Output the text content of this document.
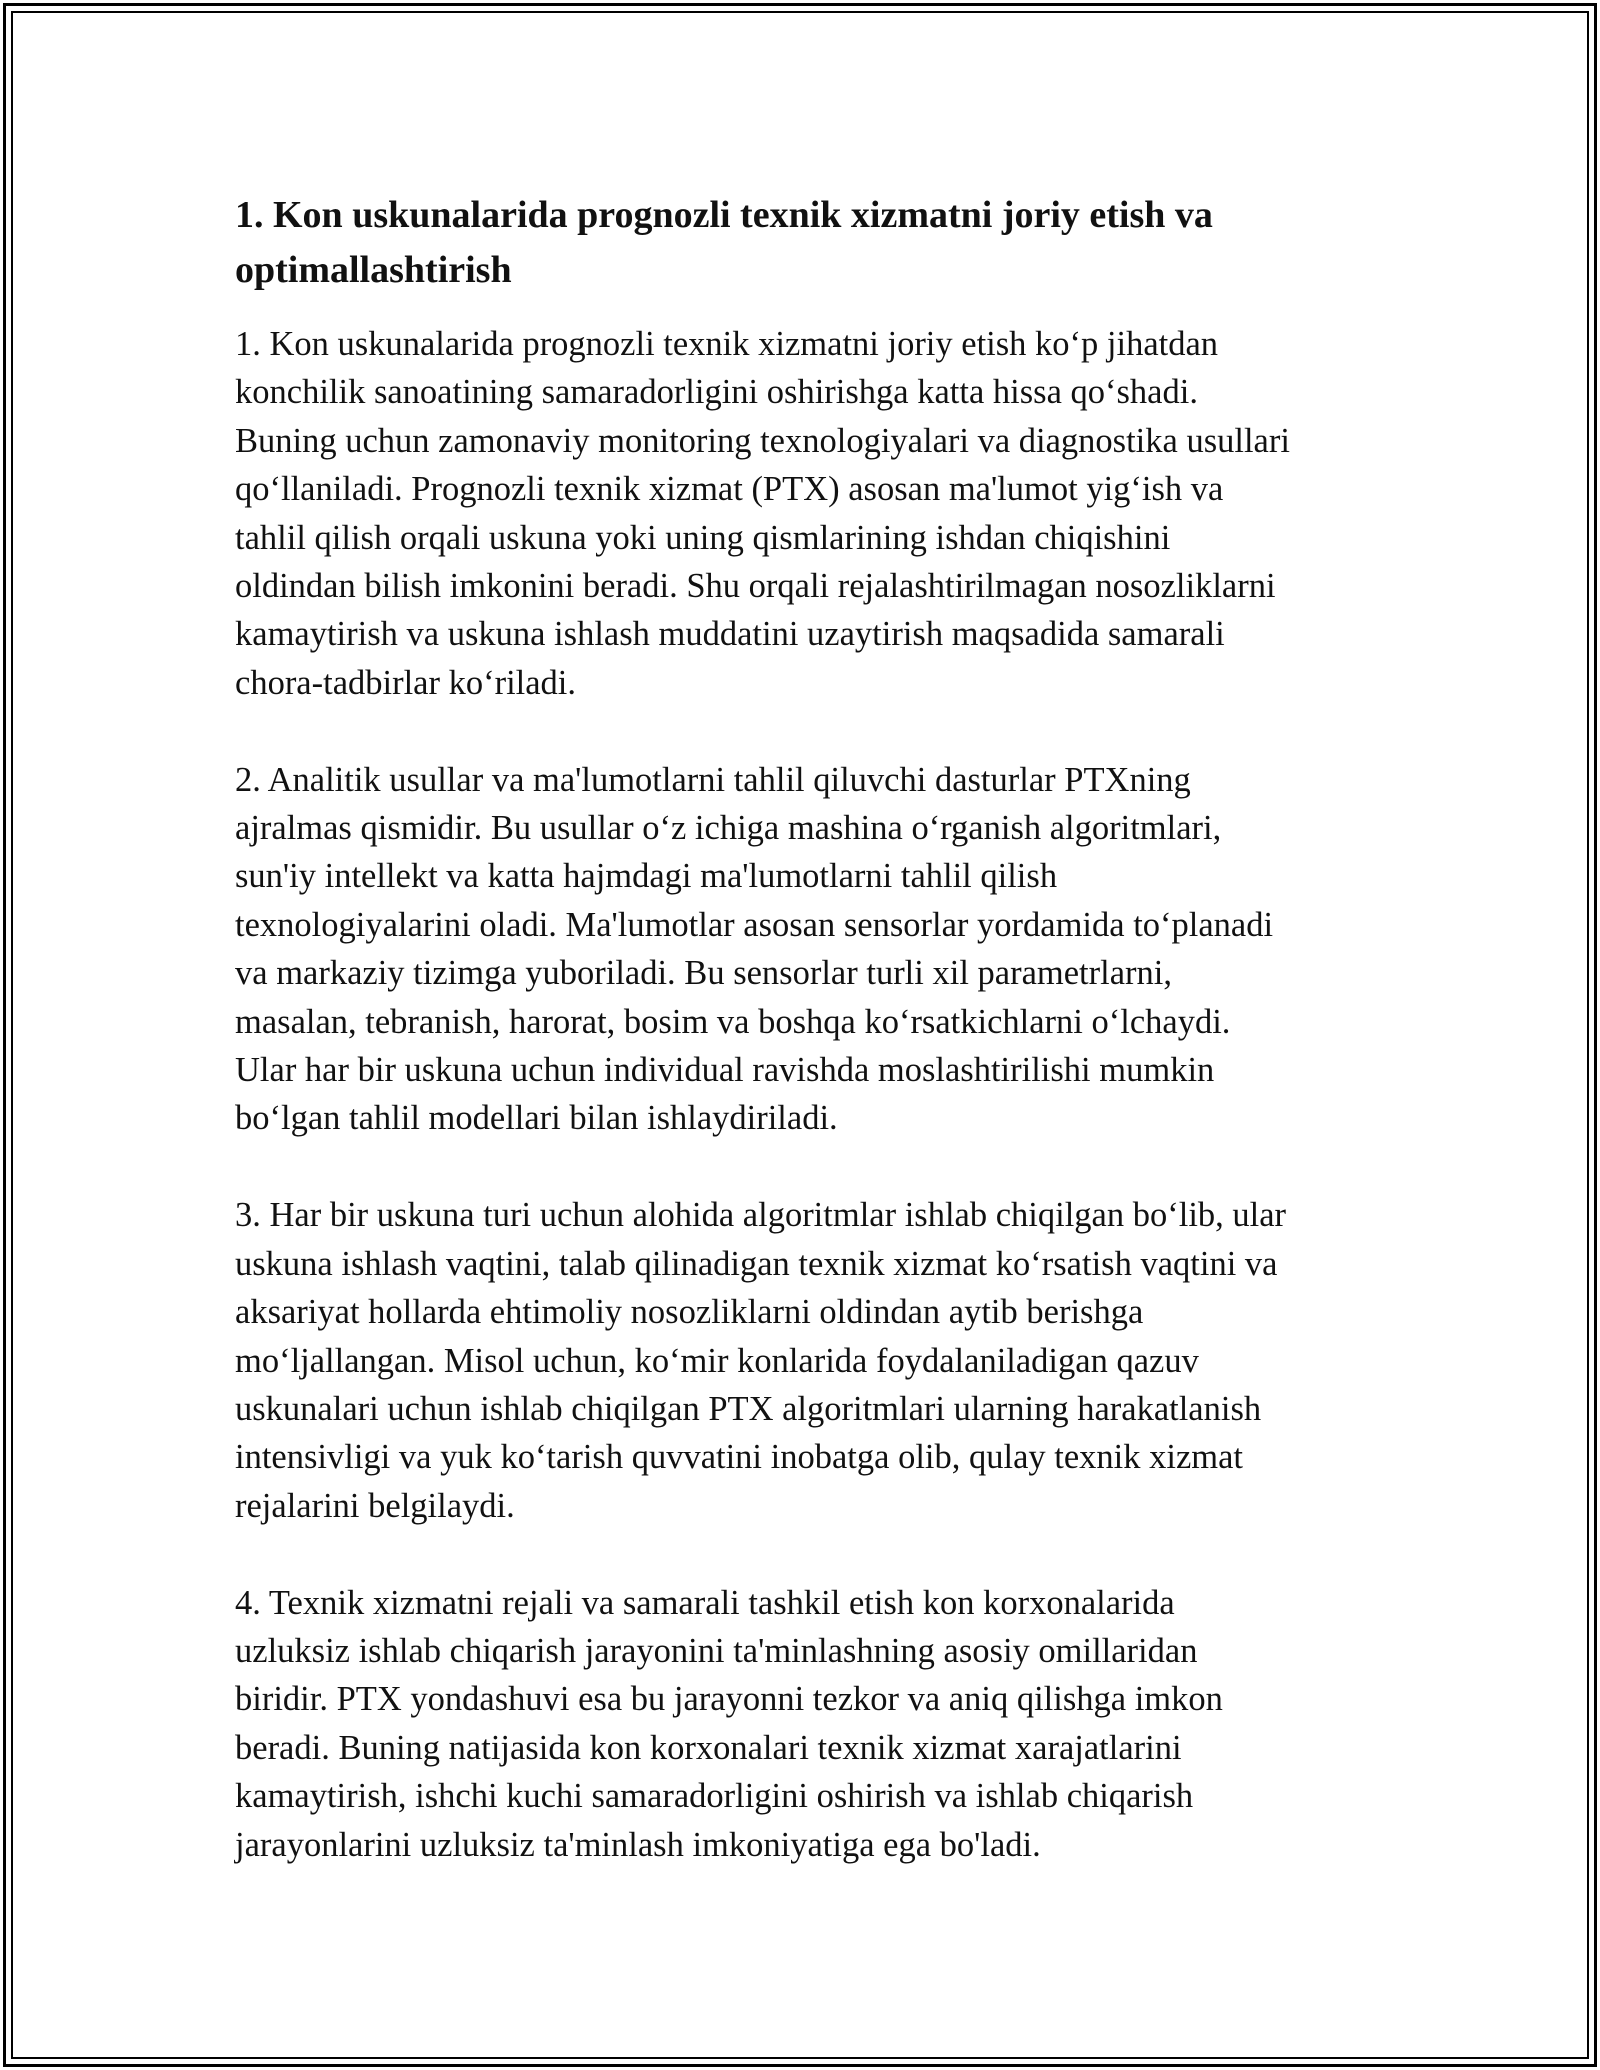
1. Kon uskunalarida prognozli texnik xizmatni joriy etish va optimallashtirish
1. Kon uskunalarida prognozli texnik xizmatni joriy etish ko‘p jihatdan
konchilik sanoatining samaradorligini oshirishga katta hissa qo‘shadi.
Buning uchun zamonaviy monitoring texnologiyalari va diagnostika usullari
qo‘llaniladi. Prognozli texnik xizmat (PTX) asosan ma'lumot yig‘ish va
tahlil qilish orqali uskuna yoki uning qismlarining ishdan chiqishini
oldindan bilish imkonini beradi. Shu orqali rejalashtirilmagan nosozliklarni
kamaytirish va uskuna ishlash muddatini uzaytirish maqsadida samarali
chora-tadbirlar ko‘riladi.
2. Analitik usullar va ma'lumotlarni tahlil qiluvchi dasturlar PTXning
ajralmas qismidir. Bu usullar o‘z ichiga mashina o‘rganish algoritmlari,
sun'iy intellekt va katta hajmdagi ma'lumotlarni tahlil qilish
texnologiyalarini oladi. Ma'lumotlar asosan sensorlar yordamida to‘planadi
va markaziy tizimga yuboriladi. Bu sensorlar turli xil parametrlarni,
masalan, tebranish, harorat, bosim va boshqa ko‘rsatkichlarni o‘lchaydi.
Ular har bir uskuna uchun individual ravishda moslashtirilishi mumkin
bo‘lgan tahlil modellari bilan ishlaydiriladi.
3. Har bir uskuna turi uchun alohida algoritmlar ishlab chiqilgan bo‘lib, ular
uskuna ishlash vaqtini, talab qilinadigan texnik xizmat ko‘rsatish vaqtini va
aksariyat hollarda ehtimoliy nosozliklarni oldindan aytib berishga
mo‘ljallangan. Misol uchun, ko‘mir konlarida foydalaniladigan qazuv
uskunalari uchun ishlab chiqilgan PTX algoritmlari ularning harakatlanish
intensivligi va yuk ko‘tarish quvvatini inobatga olib, qulay texnik xizmat
rejalarini belgilaydi.
4. Texnik xizmatni rejali va samarali tashkil etish kon korxonalarida
uzluksiz ishlab chiqarish jarayonini ta'minlashning asosiy omillaridan
biridir. PTX yondashuvi esa bu jarayonni tezkor va aniq qilishga imkon
beradi. Buning natijasida kon korxonalari texnik xizmat xarajatlarini
kamaytirish, ishchi kuchi samaradorligini oshirish va ishlab chiqarish
jarayonlarini uzluksiz ta'minlash imkoniyatiga ega bo'ladi.
